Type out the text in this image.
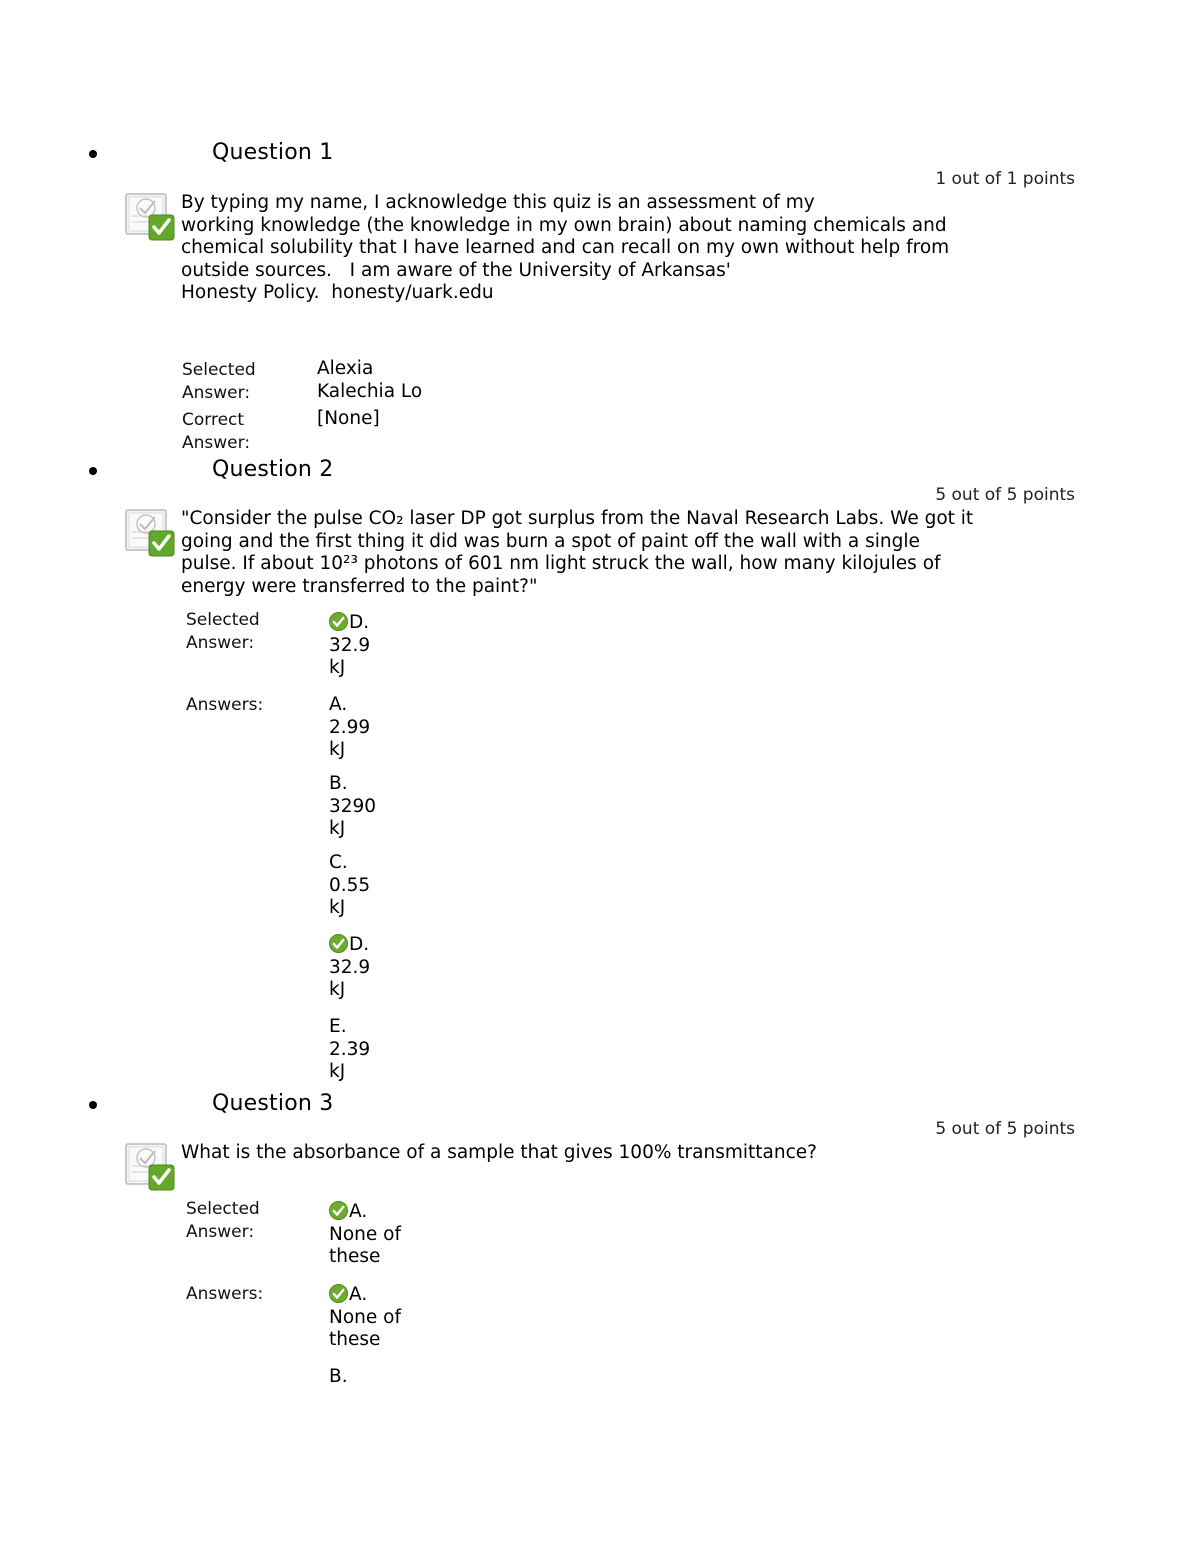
Question 1
1 out of 1 points
By typing my name, I acknowledge this quiz is an assessment of my
working knowledge (the knowledge in my own brain) about naming chemicals and
chemical solubility that I have learned and can recall on my own without help from
outside sources.   I am aware of the University of Arkansas'
Honesty Policy.  honesty/uark.edu
Selected
Answer:
Alexia
Kalechia Lo
Correct
Answer:
[None]
Question 2
5 out of 5 points
"Consider the pulse CO₂ laser DP got surplus from the Naval Research Labs. We got it
going and the first thing it did was burn a spot of paint off the wall with a single
pulse. If about 10²³ photons of 601 nm light struck the wall, how many kilojules of
energy were transferred to the paint?"
Selected
Answer:
D.
32.9
kJ
Answers:	A.
2.99
kJ
B.
3290
kJ
C.
0.55
kJ
D.
32.9
kJ
E.
2.39
kJ
Question 3
5 out of 5 points
What is the absorbance of a sample that gives 100% transmittance?
Selected
Answer:
A.
None of
these
Answers:	A.
None of
these
B.
